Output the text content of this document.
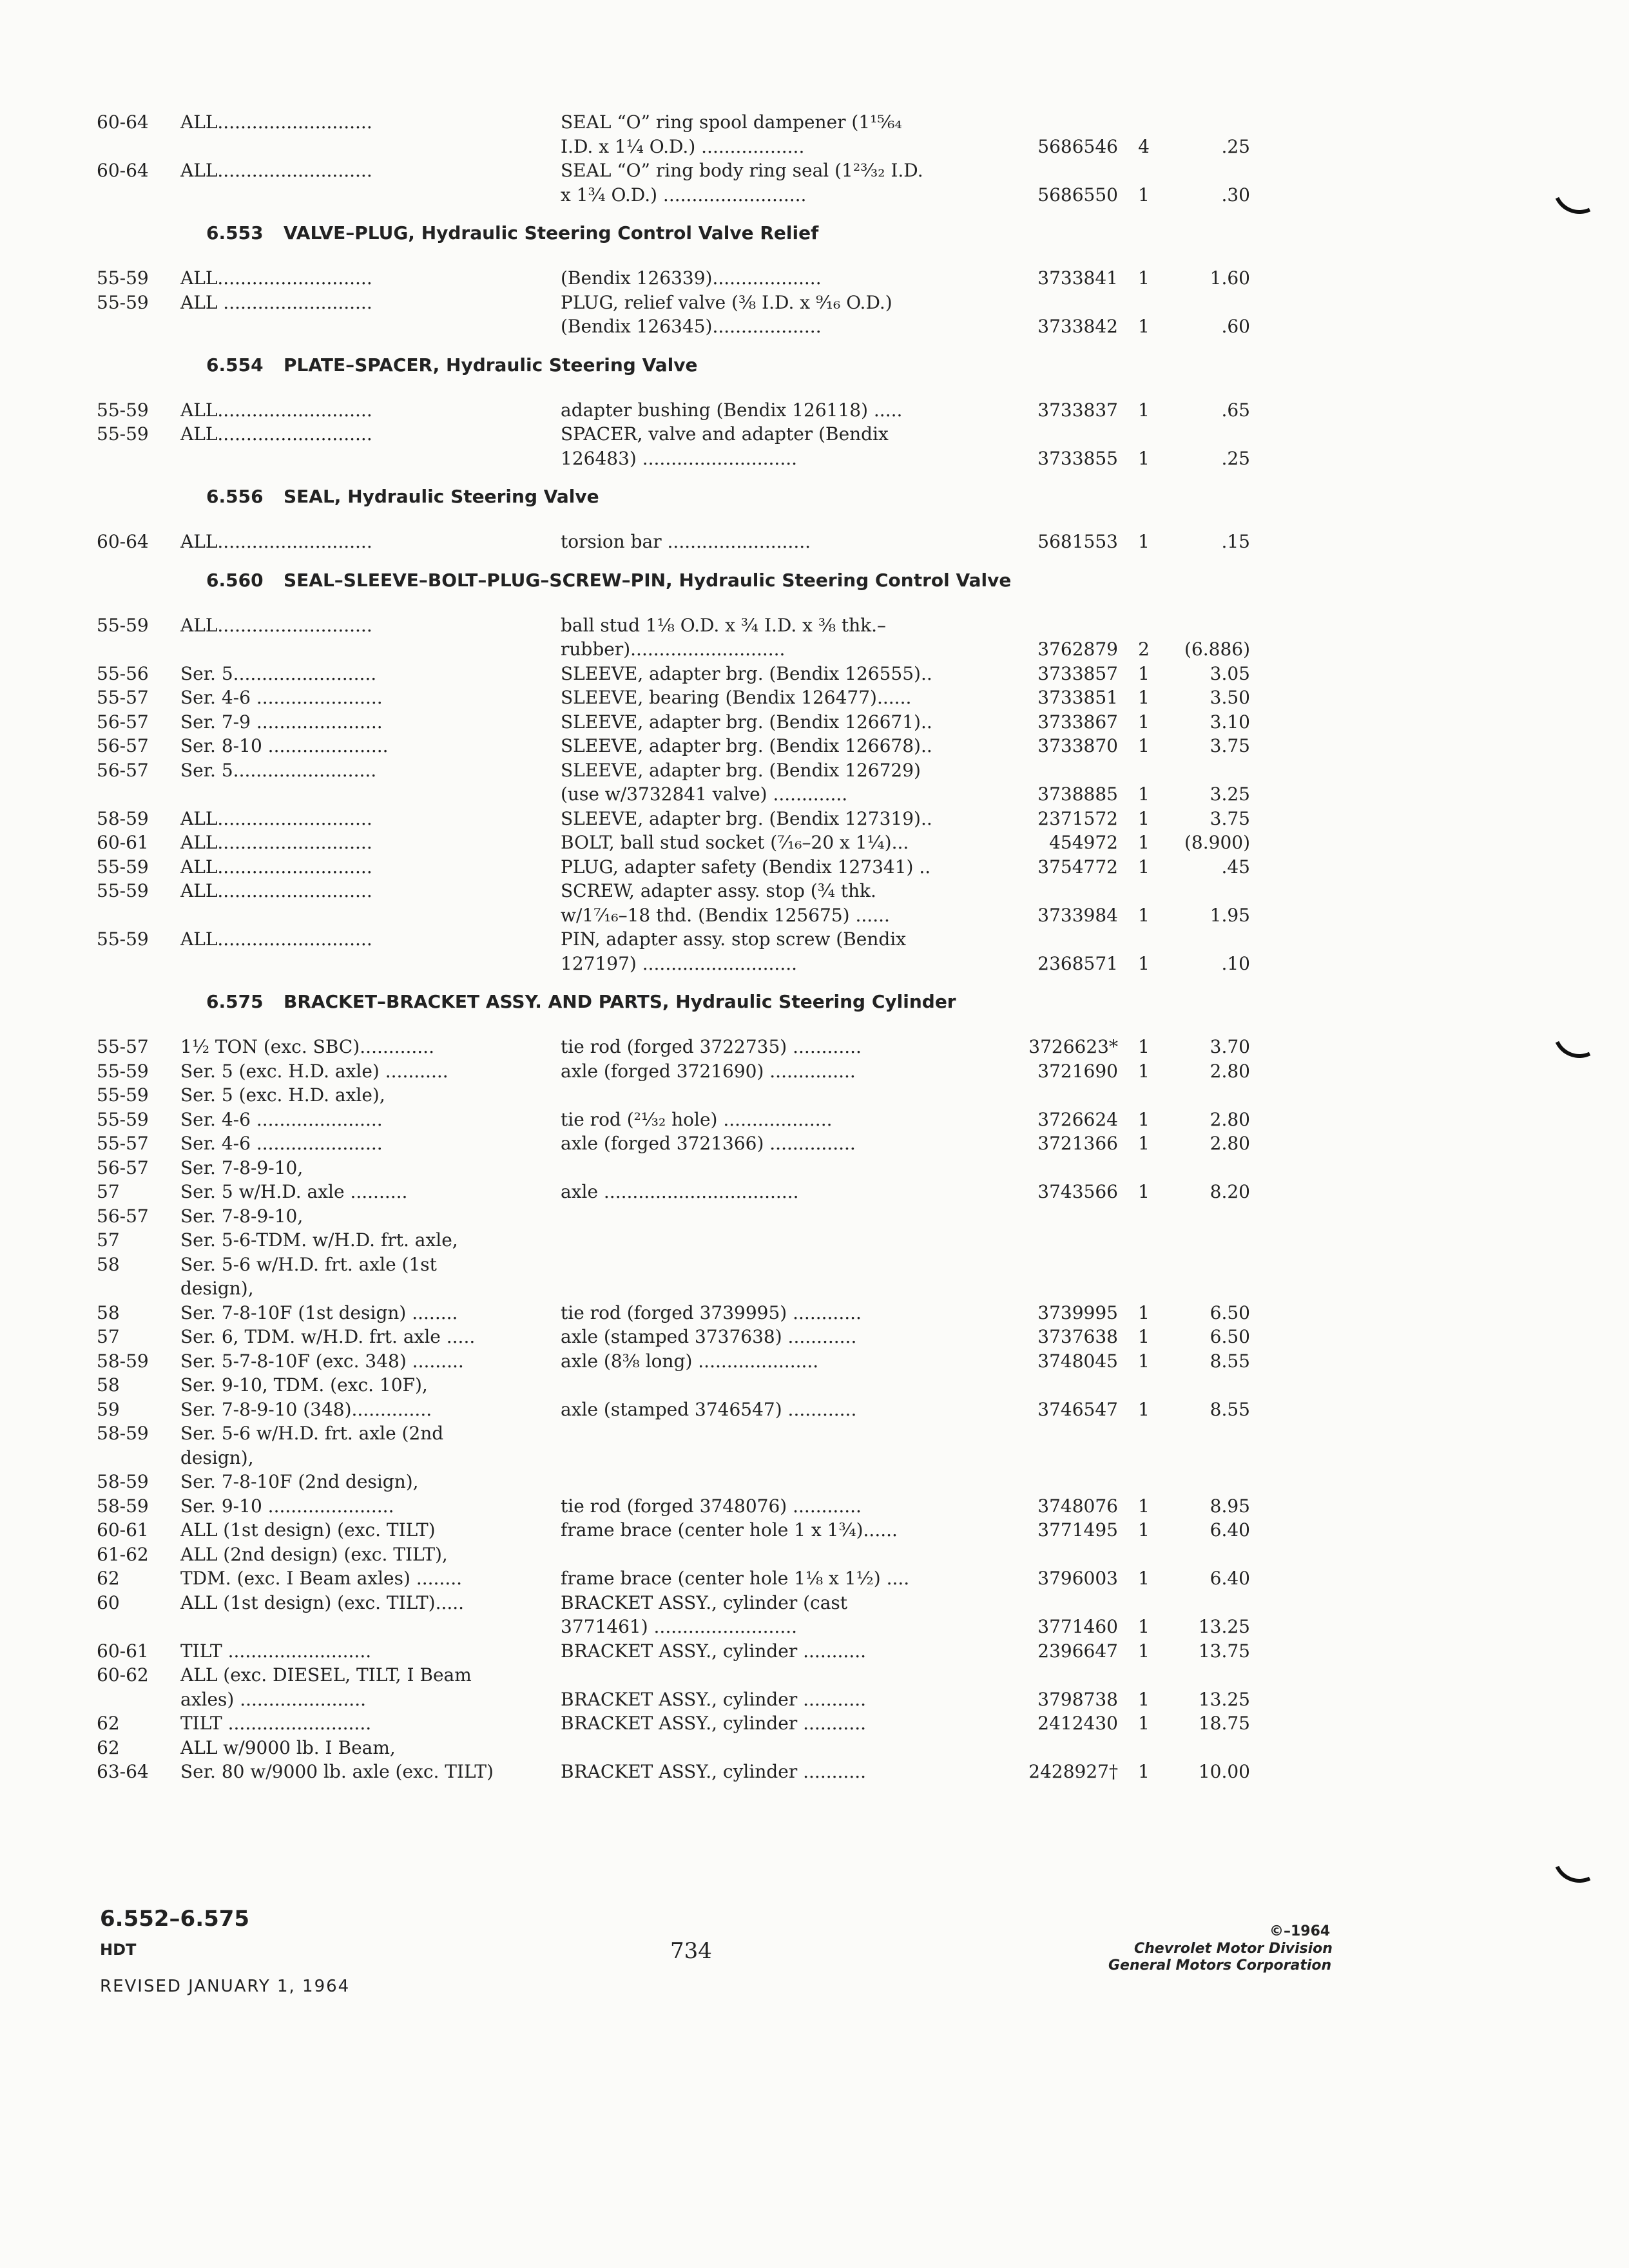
60-64 ALL...........................	SEAL “O” ring spool dampener (1¹⁵⁄₆₄
I.D. x 1¼ O.D.) ..................	5686546	4	.25
60-64 ALL...........................	SEAL “O” ring body ring seal (1²³⁄₃₂ I.D.
x 1¾ O.D.) .........................	5686550	1	.30
6.553 VALVE–PLUG, Hydraulic Steering Control Valve Relief
55-59 ALL...........................	(Bendix 126339)...................	3733841	1	1.60
55-59 ALL ..........................	PLUG, relief valve (⅜ I.D. x ⁹⁄₁₆ O.D.)
(Bendix 126345)...................	3733842	1	.60
6.554 PLATE–SPACER, Hydraulic Steering Valve
55-59 ALL...........................	adapter bushing (Bendix 126118) .....	3733837	1	.65
55-59 ALL...........................	SPACER, valve and adapter (Bendix
126483) ...........................	3733855	1	.25
6.556 SEAL, Hydraulic Steering Valve
60-64 ALL...........................	torsion bar .........................	5681553	1	.15
6.560 SEAL–SLEEVE–BOLT–PLUG–SCREW–PIN, Hydraulic Steering Control Valve
55-59 ALL...........................	ball stud 1⅛ O.D. x ¾ I.D. x ⅜ thk.–
rubber)...........................	3762879	2	(6.886)
55-56 Ser. 5.........................	SLEEVE, adapter brg. (Bendix 126555)..	3733857	1	3.05
55-57 Ser. 4-6 ......................	SLEEVE, bearing (Bendix 126477)......	3733851	1	3.50
56-57 Ser. 7-9 ......................	SLEEVE, adapter brg. (Bendix 126671)..	3733867	1	3.10
56-57 Ser. 8-10 .....................	SLEEVE, adapter brg. (Bendix 126678)..	3733870	1	3.75
56-57 Ser. 5.........................	SLEEVE, adapter brg. (Bendix 126729)
(use w/3732841 valve) .............	3738885	1	3.25
58-59 ALL...........................	SLEEVE, adapter brg. (Bendix 127319)..	2371572	1	3.75
60-61 ALL...........................	BOLT, ball stud socket (⁷⁄₁₆–20 x 1¼)...	454972	1	(8.900)
55-59 ALL...........................	PLUG, adapter safety (Bendix 127341) ..	3754772	1	.45
55-59 ALL...........................	SCREW, adapter assy. stop (¾ thk.
w/1⁷⁄₁₆–18 thd. (Bendix 125675) ......	3733984	1	1.95
55-59 ALL...........................	PIN, adapter assy. stop screw (Bendix
127197) ...........................	2368571	1	.10
6.575 BRACKET–BRACKET ASSY. AND PARTS, Hydraulic Steering Cylinder
55-57 1½ TON (exc. SBC).............	tie rod (forged 3722735) ............	3726623*	1	3.70
55-59 Ser. 5 (exc. H.D. axle) ...........	axle (forged 3721690) ...............	3721690	1	2.80
55-59 Ser. 5 (exc. H.D. axle),
55-59 Ser. 4-6 ......................	tie rod (²¹⁄₃₂ hole) ...................	3726624	1	2.80
55-57 Ser. 4-6 ......................	axle (forged 3721366) ...............	3721366	1	2.80
56-57 Ser. 7-8-9-10,
57	Ser. 5 w/H.D. axle ..........	axle ..................................	3743566	1	8.20
56-57 Ser. 7-8-9-10,
57	Ser. 5-6-TDM. w/H.D. frt. axle,
58	Ser. 5-6 w/H.D. frt. axle (1st
design),
58	Ser. 7-8-10F (1st design) ........	tie rod (forged 3739995) ............	3739995	1	6.50
57	Ser. 6, TDM. w/H.D. frt. axle .....	axle (stamped 3737638) ............	3737638	1	6.50
58-59 Ser. 5-7-8-10F (exc. 348) .........	axle (8⅜ long) .....................	3748045	1	8.55
58	Ser. 9-10, TDM. (exc. 10F),
59	Ser. 7-8-9-10 (348)..............	axle (stamped 3746547) ............	3746547	1	8.55
58-59 Ser. 5-6 w/H.D. frt. axle (2nd
design),
58-59 Ser. 7-8-10F (2nd design),
58-59 Ser. 9-10 ......................	tie rod (forged 3748076) ............	3748076	1	8.95
60-61 ALL (1st design) (exc. TILT)	frame brace (center hole 1 x 1¾)......	3771495	1	6.40
61-62 ALL (2nd design) (exc. TILT),
62	TDM. (exc. I Beam axles) ........	frame brace (center hole 1⅛ x 1½) ....	3796003	1	6.40
60	ALL (1st design) (exc. TILT).....	BRACKET ASSY., cylinder (cast
3771461) .........................	3771460	1	13.25
60-61 TILT .........................	BRACKET ASSY., cylinder ...........	2396647	1	13.75
60-62 ALL (exc. DIESEL, TILT, I Beam
axles) ......................	BRACKET ASSY., cylinder ...........	3798738	1	13.25
62	TILT .........................	BRACKET ASSY., cylinder ...........	2412430	1	18.75
62	ALL w/9000 lb. I Beam,
63-64 Ser. 80 w/9000 lb. axle (exc. TILT)	BRACKET ASSY., cylinder ...........	2428927†	1	10.00
6.552–6.575
HDT
REVISED JANUARY 1, 1964
734
©–1964
Chevrolet Motor Division
General Motors Corporation
